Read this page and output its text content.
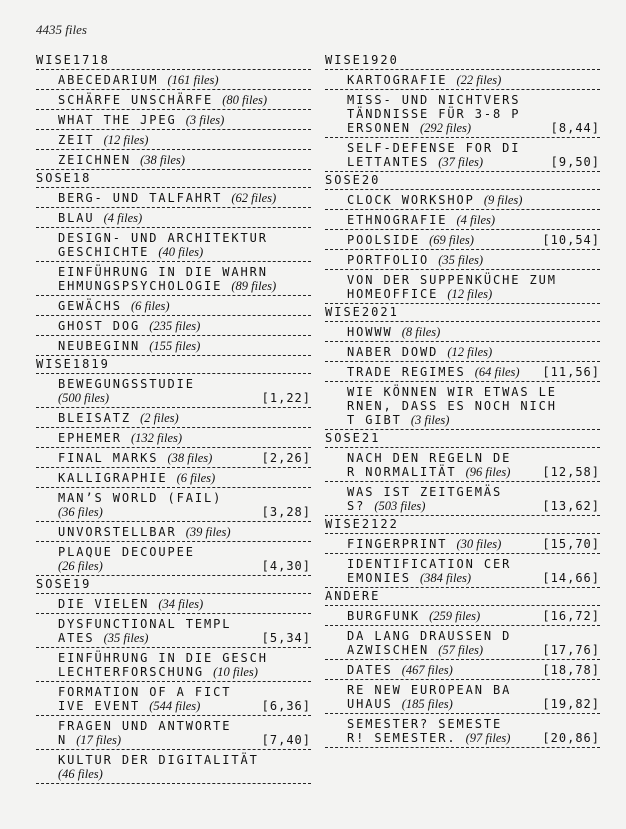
4435 files
WISE1718
ABECEDARIUM (161 files)
SCHÄRFE UNSCHÄRFE (80 files)
WHAT THE JPEG (3 files)
ZEIT (12 files)
ZEICHNEN (38 files)
SOSE18
BERG- UND TALFAHRT (62 files)
BLAU (4 files)
DESIGN- UND ARCHITEKTUR
GESCHICHTE (40 files)
EINFÜHRUNG IN DIE WAHRN
EHMUNGSPSYCHOLOGIE (89 files)
GEWÄCHS (6 files)
GHOST DOG (235 files)
NEUBEGINN (155 files)
WISE1819
BEWEGUNGSSTUDIE
(500 files)	[1,22]
BLEISATZ (2 files)
EPHEMER (132 files)
FINAL MARKS (38 files)	[2,26]
KALLIGRAPHIE (6 files)
MAN’S WORLD (FAIL)
(36 files)	[3,28]
UNVORSTELLBAR (39 files)
PLAQUE DECOUPEE
(26 files)	[4,30]
SOSE19
DIE VIELEN (34 files)
DYSFUNCTIONAL TEMPL
ATES (35 files)	[5,34]
EINFÜHRUNG IN DIE GESCH
LECHTERFORSCHUNG (10 files)
FORMATION OF A FICT
IVE EVENT (544 files)	[6,36]
FRAGEN UND ANTWORTE
N (17 files)	[7,40]
KULTUR DER DIGITALITÄT
(46 files)
WISE1920
KARTOGRAFIE (22 files)
MISS- UND NICHTVERS
TÄNDNISSE FÜR 3-8 P
ERSONEN (292 files)	[8,44]
SELF-DEFENSE FOR DI
LETTANTES (37 files)	[9,50]
SOSE20
CLOCK WORKSHOP (9 files)
ETHNOGRAFIE (4 files)
POOLSIDE (69 files)	[10,54]
PORTFOLIO (35 files)
VON DER SUPPENKÜCHE ZUM
HOMEOFFICE (12 files)
WISE2021
HOWWW (8 files)
NABER DOWD (12 files)
TRADE REGIMES (64 files) [11,56]
WIE KÖNNEN WIR ETWAS LE
RNEN, DASS ES NOCH NICH
T GIBT (3 files)
SOSE21
NACH DEN REGELN DE
R NORMALITÄT (96 files)	[12,58]
WAS IST ZEITGEMÄS
S? (503 files)	[13,62]
WISE2122
FINGERPRINT (30 files)	[15,70]
IDENTIFICATION CER
EMONIES (384 files)	[14,66]
ANDERE
BURGFUNK (259 files)	[16,72]
DA LANG DRAUSSEN D
AZWISCHEN (57 files)	[17,76]
DATES (467 files)	[18,78]
RE NEW EUROPEAN BA
UHAUS (185 files)	[19,82]
SEMESTER? SEMESTE
R! SEMESTER. (97 files)	[20,86]
